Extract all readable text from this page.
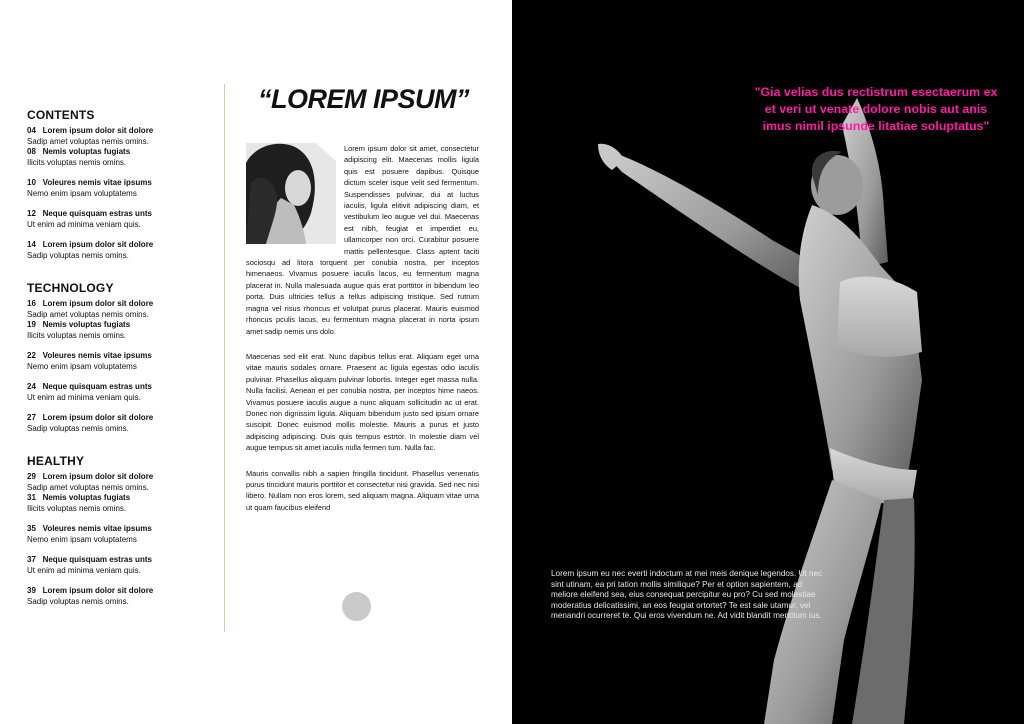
CONTENTS
04 Lorem ipsum dolor sit dolore
Sadip amet voluptas nemis omins.
08 Nemis voluptas fugiats
Ilicits voluptas nemis omins.
10 Voleures nemis vitae ipsums
Nemo enim ipsam voluptatems
12 Neque quisquam estras unts
Ut enim ad minima veniam quis.
14 Lorem ipsum dolor sit dolore
Sadip voluptas nemis omins.
TECHNOLOGY
16 Lorem ipsum dolor sit dolore
Sadip amet voluptas nemis omins.
19 Nemis voluptas fugiats
Ilicits voluptas nemis omins.
22 Voleures nemis vitae ipsums
Nemo enim ipsam voluptatems
24 Neque quisquam estras unts
Ut enim ad minima veniam quis.
27 Lorem ipsum dolor sit dolore
Sadip voluptas nemis omins.
HEALTHY
29 Lorem ipsum dolor sit dolore
Sadip amet voluptas nemis omins.
31 Nemis voluptas fugiats
Ilicits voluptas nemis omins.
35 Voleures nemis vitae ipsums
Nemo enim ipsam voluptatems
37 Neque quisquam estras unts
Ut enim ad minima veniam quis.
39 Lorem ipsum dolor sit dolore
Sadip voluptas nemis omins.
“LOREM IPSUM”

Lorem ipsum dolor sit amet, consectetur adipiscing elit. Maecenas mollis ligula quis est posuere dapibus. Quisque dictum sceler isque velit sed fermentum. Suspendisses pulvinar, dui at luctus iaculis, ligula elitivit adipiscing diam, et vestibulum leo augue vel dui. Maecenas est nibh, feugiat et imperdiet eu, ullamcorper non orci. Curabitur posuere mattis pellentesque. Class aptent taciti sociosqu ad litora torquent per conubia nostra, per inceptos himenaeos. Vivamus posuere iaculis lacus, eu fermentum magna placerat in. Nulla malesuada augue quis erat porttitor in bibendum leo porta. Duis ultricies tellus a tellus adipiscing tristique. Sed rutrum magna vel risus rhoncus et volutpat purus placerat. Mauris euismod rhoncus pculis lacus, eu fermentum magna placerat in norta ipsum amet sadip nemis uns dolo.

Maecenas sed elit erat. Nunc dapibus tellus erat. Aliquam eget urna vitae mauris sodales ornare. Praesent ac ligula egestas odio iaculis pulvinar. Phasellus aliquam pulvinar lobortis. Integer eget massa nulla. Nulla facilisi. Aenean et per conubia nostra, per inceptos hime naeos. Vivamus posuere iaculis augue a nunc aliquam sollicitudin ac ut erat. Donec non dignissim ligula. Aliquam bibendum justo sed ipsum ornare suscipit. Donec euismod mollis molestie. Mauris a purus et justo adipiscing adipiscing. Duis quis tempus estrtor. In molestie diam vel augue tempus sit amet iaculis nulla fermen tum. Nulla fac.

Mauris convallis nibh a sapien fringilla tincidunt. Phasellus venenatis purus tincidunt mauris porttitor et consectetur nisi gravida. Sed nec nisi libero. Nullam non eros lorem, sed aliquam magna. Aliquam vitae urna ut quam faucibus eleifend

"Gia velias dus rectistrum esectaerum ex et veri ut venate dolore nobis aut anis imus nimil ipsunde litatiae soluptatus"
Lorem ipsum eu nec everti indoctum at mei meis denique legendos. Ut nec sint utinam, ea pri tation mollis similique? Per et option sapientem, ad meliore eleifend sea, eius consequat percipitur eu pro? Cu sed molestiae moderatius delicatissimi, an eos feugiat ortortet? Te est sale utamur, vel menandri ocurreret te. Qui eros vivendum ne. Ad vidit blandit mentitum ius.
